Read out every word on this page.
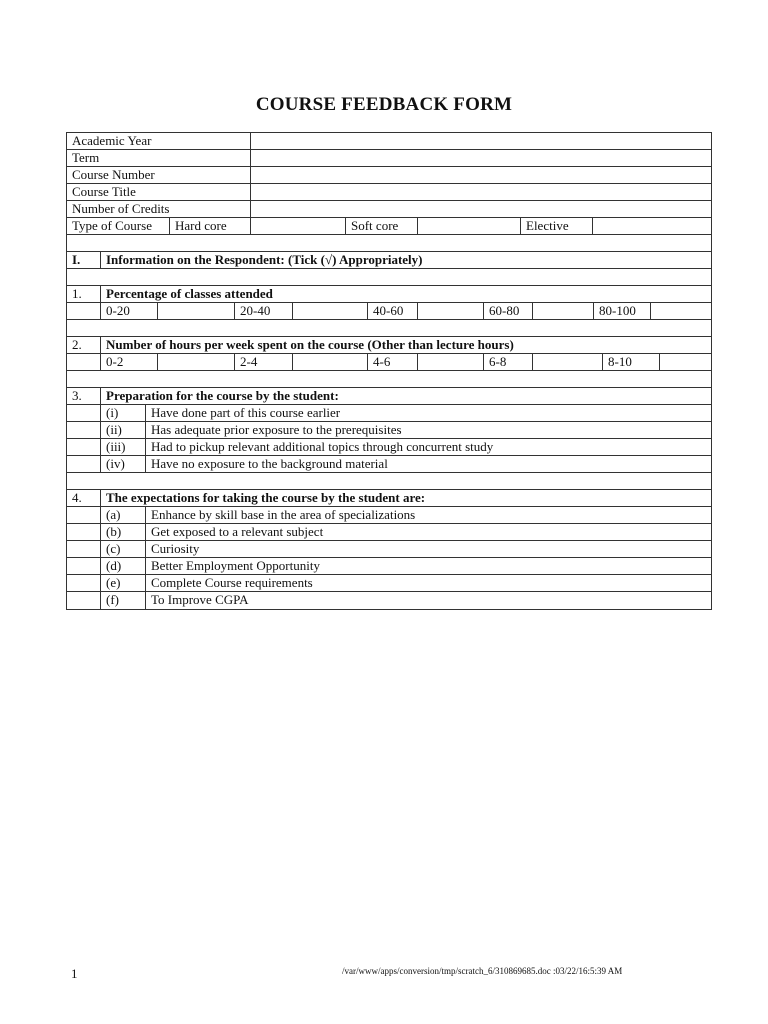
COURSE FEEDBACK FORM
Academic Year
Term
Course Number
Course Title
Number of Credits
Type of Course	Hard core	Soft core	Elective
I.	Information on the Respondent: (Tick (√) Appropriately)
1.	Percentage of classes attended
0-20	20-40	40-60	60-80	80-100
2.	Number of hours per week spent on the course (Other than lecture hours)
0-2	2-4	4-6	6-8	8-10
3.	Preparation for the course by the student:
(i)	Have done part of this course earlier
(ii)	Has adequate prior exposure to the prerequisites
(iii)	Had to pickup relevant additional topics through concurrent study
(iv)	Have no exposure to the background material
4.	The expectations for taking the course by the student are:
(a)	Enhance by skill base in the area of specializations
(b)	Get exposed to a relevant subject
(c)	Curiosity
(d)	Better Employment Opportunity
(e)	Complete Course requirements
(f)	To Improve CGPA
1	/var/www/apps/conversion/tmp/scratch_6/310869685.doc :03/22/16:5:39 AM
